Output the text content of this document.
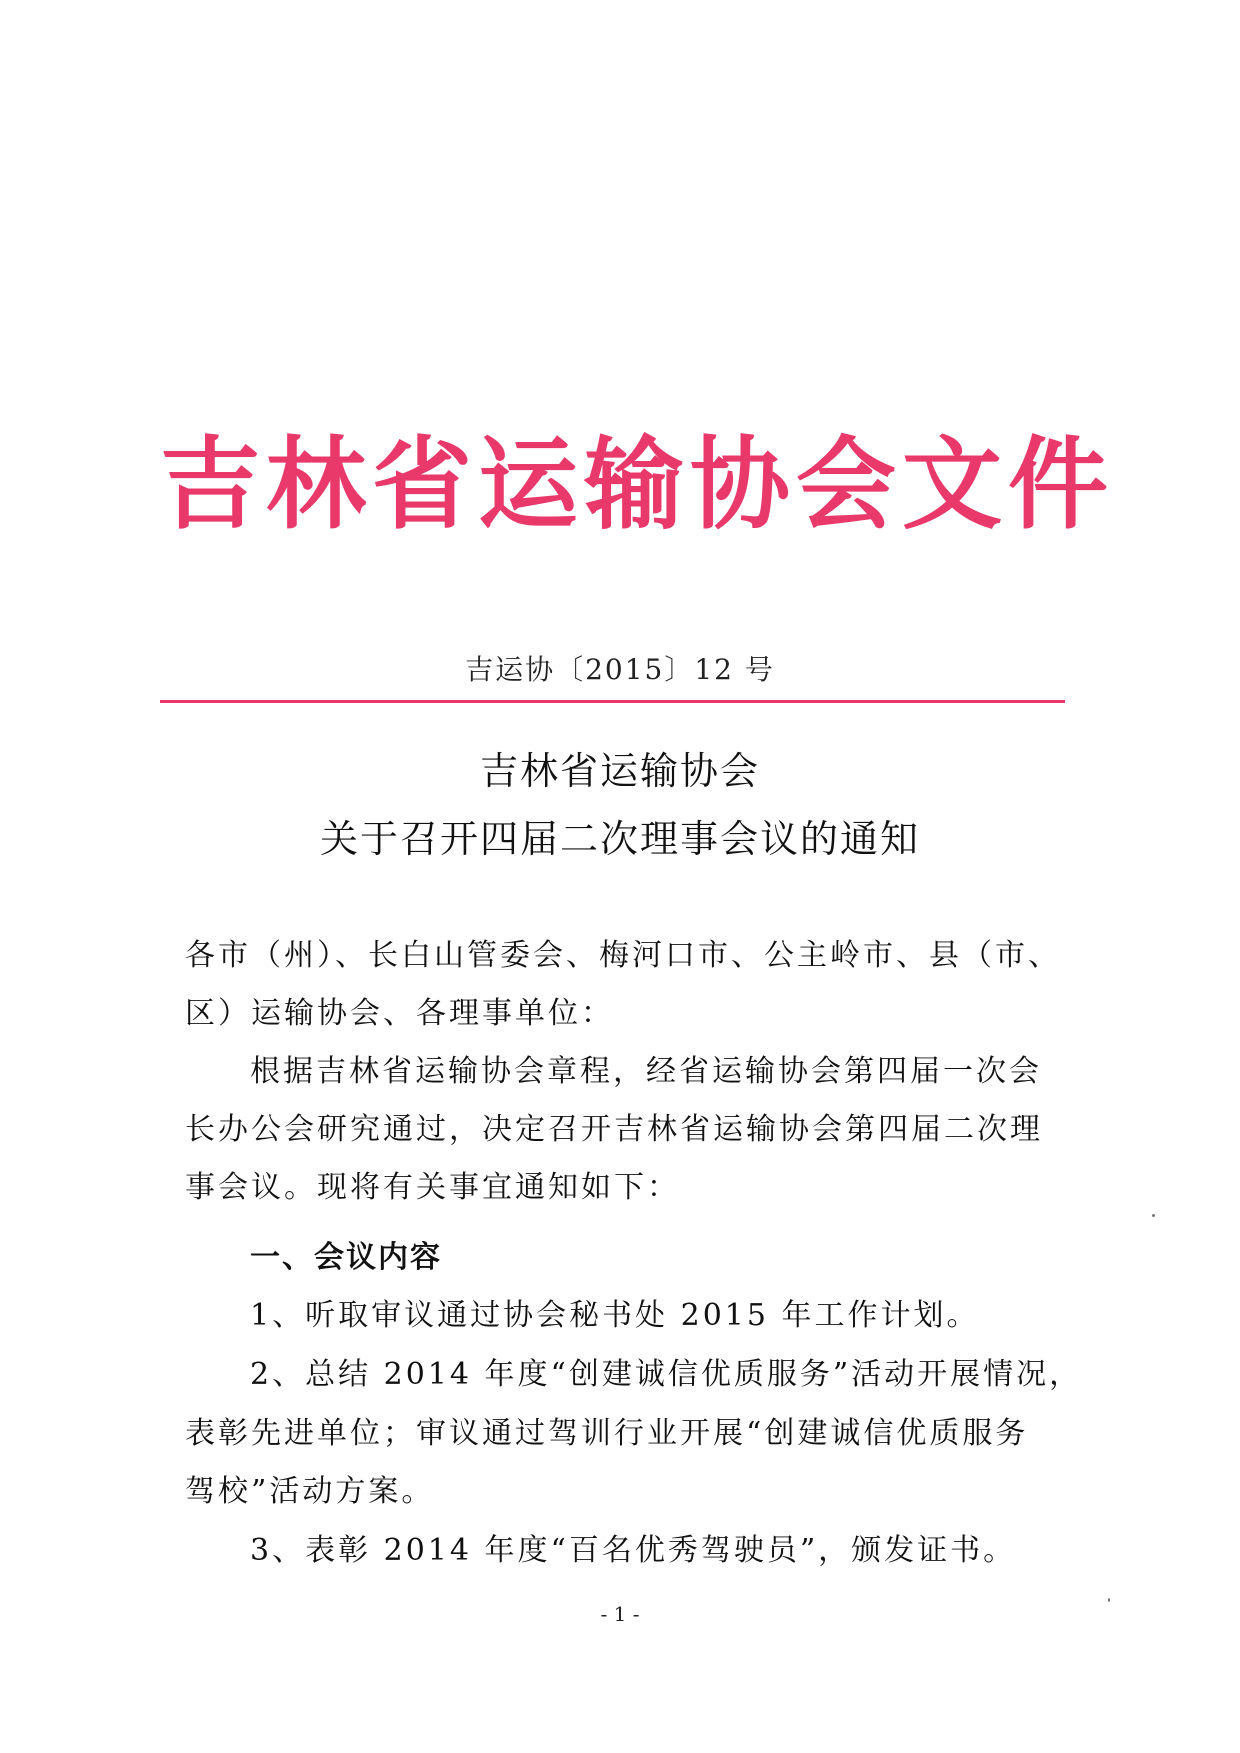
吉林省运输协会文件
吉运协〔2015〕12 号
吉林省运输协会
关于召开四届二次理事会议的通知
各市（州）、长白山管委会、梅河口市、公主岭市、县（市、
区）运输协会、各理事单位：
根据吉林省运输协会章程，经省运输协会第四届一次会
长办公会研究通过，决定召开吉林省运输协会第四届二次理
事会议。现将有关事宜通知如下：
一、会议内容
1、听取审议通过协会秘书处 2015 年工作计划。
2、总结 2014 年度“创建诚信优质服务”活动开展情况，
表彰先进单位；审议通过驾训行业开展“创建诚信优质服务
驾校”活动方案。
3、表彰 2014 年度“百名优秀驾驶员”，颁发证书。
- 1 -
